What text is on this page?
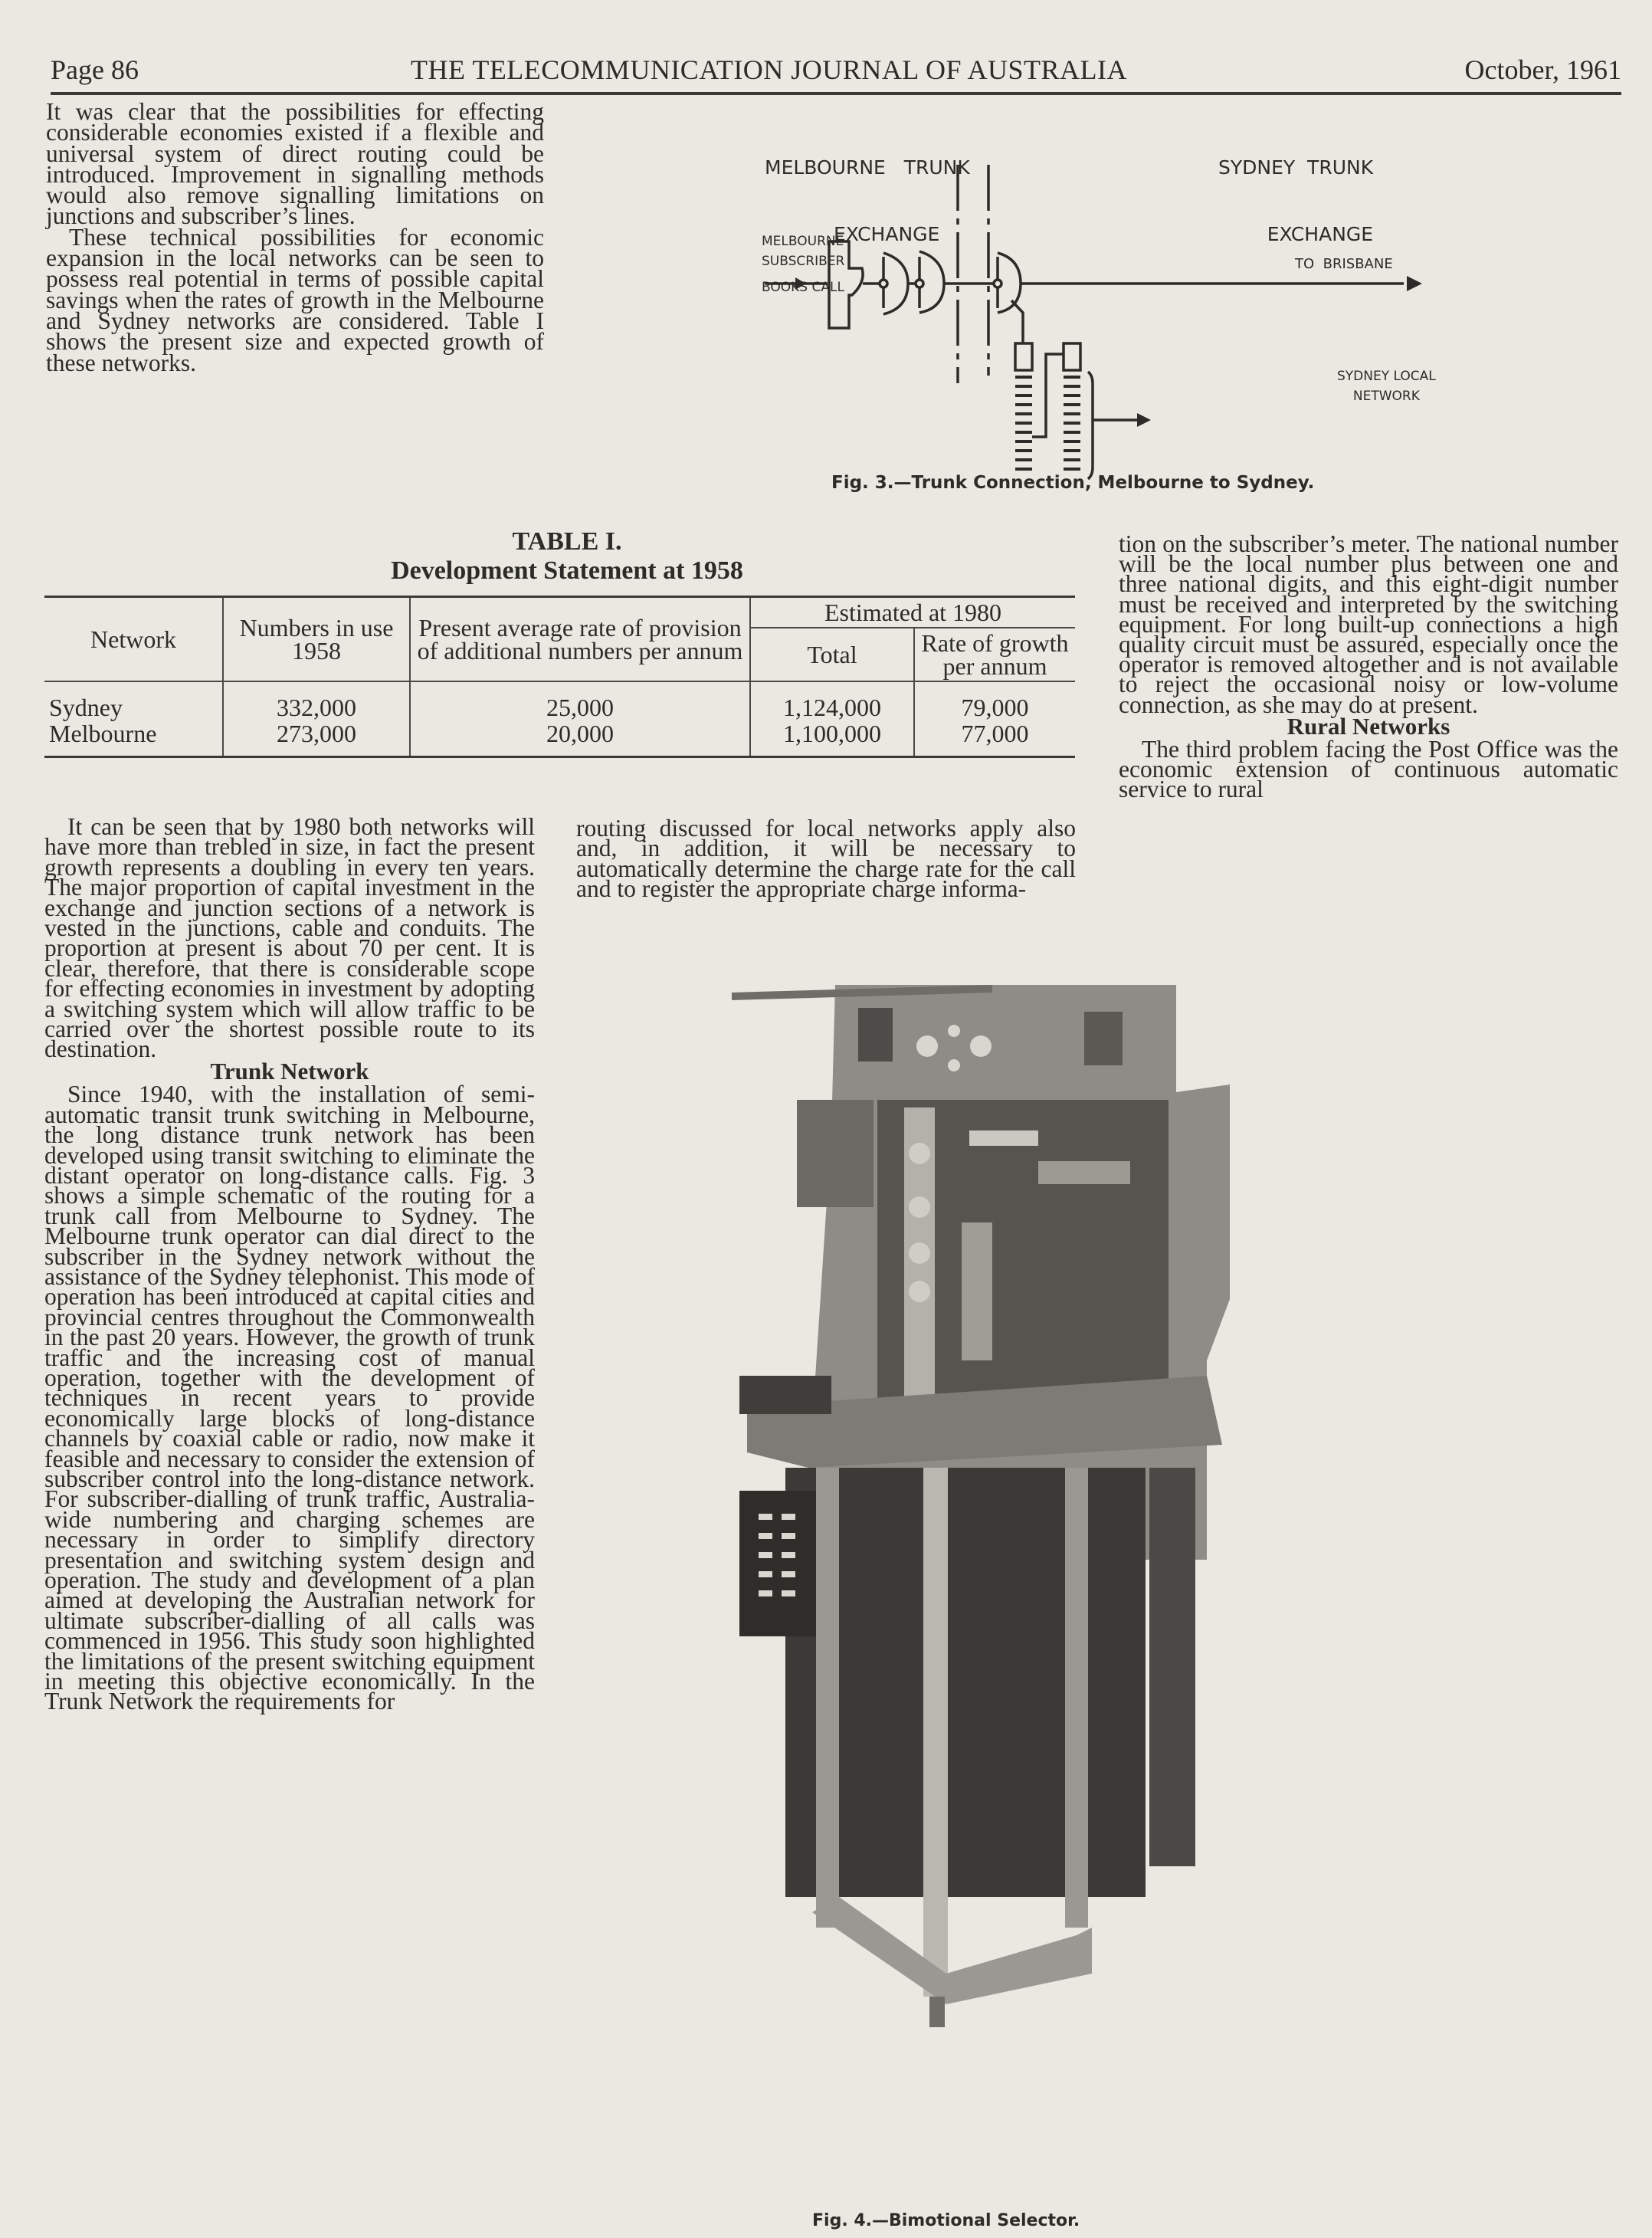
Page 86	THE TELECOMMUNICATION JOURNAL OF AUSTRALIA	October, 1961

It was clear that the possibilities for effecting considerable economies existed if a flexible and universal system of direct routing could be introduced. Improvement in signalling methods would also remove signalling limitations on junctions and subscriber’s lines.

These technical possibilities for economic expansion in the local networks can be seen to possess real potential in terms of possible capital savings when the rates of growth in the Melbourne and Sydney networks are considered. Table I shows the present size and expected growth of these networks.

MELBOURNE   TRUNK

EXCHANGE

SYDNEY  TRUNK

EXCHANGE

MELBOURNE
SUBSCRIBER
BOOKS CALL
TO  BRISBANE
SYDNEY LOCAL
NETWORK
Fig. 3.—Trunk Connection, Melbourne to Sydney.
TABLE I.
Development Statement at 1958
Network	Numbers in use 1958	Present average rate of provision of additional numbers per annum	Estimated at 1980	
			Total	Rate of growth per annum
Sydney	332,000	25,000	1,124,000	79,000
Melbourne	273,000	20,000	1,100,000	77,000

It can be seen that by 1980 both networks will have more than trebled in size, in fact the present growth represents a doubling in every ten years. The major proportion of capital investment in the exchange and junction sections of a network is vested in the junctions, cable and conduits. The proportion at present is about 70 per cent. It is clear, therefore, that there is considerable scope for effecting economies in investment by adopting a switching system which will allow traffic to be carried over the shortest possible route to its destination.

Trunk Network

Since 1940, with the installation of semi-automatic transit trunk switching in Melbourne, the long distance trunk network has been developed using transit switching to eliminate the distant operator on long-distance calls. Fig. 3 shows a simple schematic of the routing for a trunk call from Melbourne to Sydney. The Melbourne trunk operator can dial direct to the subscriber in the Sydney network without the assistance of the Sydney telephonist. This mode of operation has been introduced at capital cities and provincial centres throughout the Commonwealth in the past 20 years. However, the growth of trunk traffic and the increasing cost of manual operation, together with the development of techniques in recent years to provide economically large blocks of long-distance channels by coaxial cable or radio, now make it feasible and necessary to consider the extension of subscriber control into the long-distance network. For subscriber-dialling of trunk traffic, Australia-wide numbering and charging schemes are necessary in order to simplify directory presentation and switching system design and operation. The study and development of a plan aimed at developing the Australian network for ultimate subscriber-dialling of all calls was commenced in 1956. This study soon highlighted the limitations of the present switching equipment in meeting this objective economically. In the Trunk Network the requirements for

routing discussed for local networks apply also and, in addition, it will be necessary to automatically determine the charge rate for the call and to register the appropriate charge informa-

tion on the subscriber’s meter. The national number will be the local number plus between one and three national digits, and this eight-digit number must be received and interpreted by the switching equipment. For long built-up connections a high quality circuit must be assured, especially once the operator is removed altogether and is not available to reject the occasional noisy or low-volume connection, as she may do at present.

Rural Networks

The third problem facing the Post Office was the economic extension of continuous automatic service to rural

Fig. 4.—Bimotional Selector.
